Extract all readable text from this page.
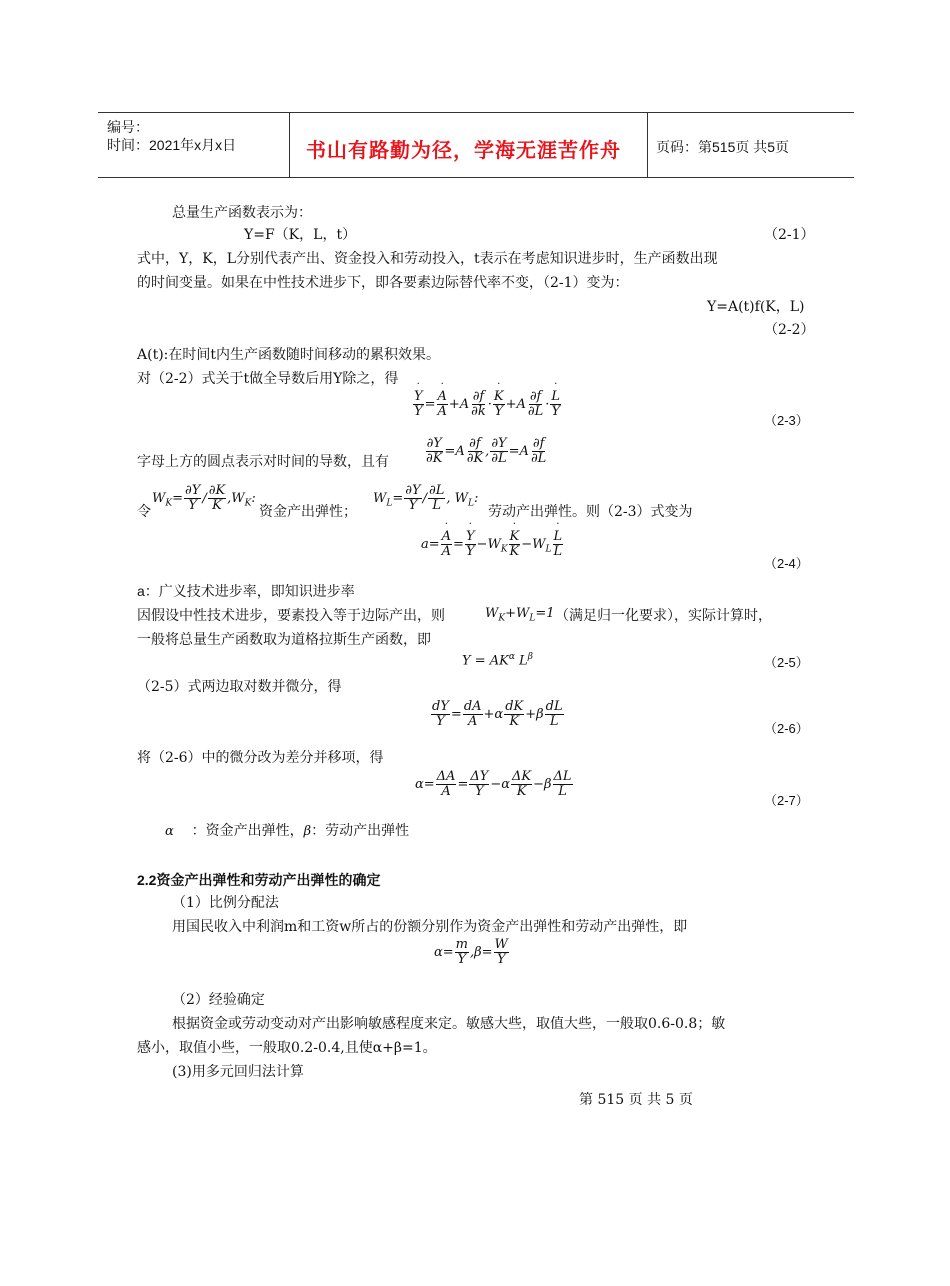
编号：
时间：2021年x月x日	书山有路勤为径，学海无涯苦作舟	页码：第515页 共5页
总量生产函数表示为：
Y=F（K，L，t）	（2-1）
式中，Y，K，L分别代表产出、资金投入和劳动投入，t表示在考虑知识进步时，生产函数出现
的时间变量。如果在中性技术进步下，即各要素边际替代率不变，（2-1）变为：
Y=A(t)f(K，L)
（2-2）
A(t):在时间t内生产函数随时间移动的累积效果。
对（2-2）式关于t做全导数后用Y除之，得
$\frac{Y ˙}{Y} = \frac{A ˙}{A} +A \frac{\partial f}{\partial k} \cdot \frac{K ˙}{Y} +A \frac{\partial f}{\partial L} \cdot \frac{L ˙}{Y}$
（2-3）
字母上方的圆点表示对时间的导数，且有	$\frac{\partial Y}{\partial K} =A \frac{\partial f}{\partial K}$ , $\frac{\partial Y}{\partial L} =A \frac{\partial f}{\partial L}$
令
$W_K= \frac{\partial Y}{Y} / \frac{\partial K}{K} ,W_K$:
资金产出弹性；
$W_L= \frac{\partial Y}{Y} / \frac{\partial L}{L}$ , $W_L$:
劳动产出弹性。则（2-3）式变为
$a= \frac{A ˙}{A} = \frac{Y ˙}{Y} -W_K \frac{K ˙}{K} -W_L \frac{L ˙}{L}$
（2-4）
a：广义技术进步率，即知识进步率
因假设中性技术进步，要素投入等于边际产出，则	$W_K+W_L=1$ （满足归一化要求），实际计算时，
一般将总量生产函数取为道格拉斯生产函数，即
$Y = AK^\alpha$ $L^\beta$	（2-5）
（2-5）式两边取对数并微分，得
$\frac{dY}{Y} = \frac{dA}{A} +\alpha \frac{dK}{K} +\beta \frac{dL}{L}$	（2-6）
将（2-6）中的微分改为差分并移项，得
$\alpha= \frac{\Delta A}{A} = \frac{\Delta Y}{Y} -\alpha \frac{\Delta K}{K} -\beta \frac{\Delta L}{L}$
（2-7）
α ：资金产出弹性，β：劳动产出弹性
2.2资金产出弹性和劳动产出弹性的确定
（1）比例分配法
用国民收入中利润m和工资w所占的份额分别作为资金产出弹性和劳动产出弹性，即
$\alpha= \frac{m}{Y} ,\beta= \frac{W}{Y}$
（2）经验确定
根据资金或劳动变动对产出影响敏感程度来定。敏感大些，取值大些，一般取0.6-0.8；敏
感小，取值小些，一般取0.2-0.4,且使α+β=1。
(3)用多元回归法计算
第 515 页 共 5 页
